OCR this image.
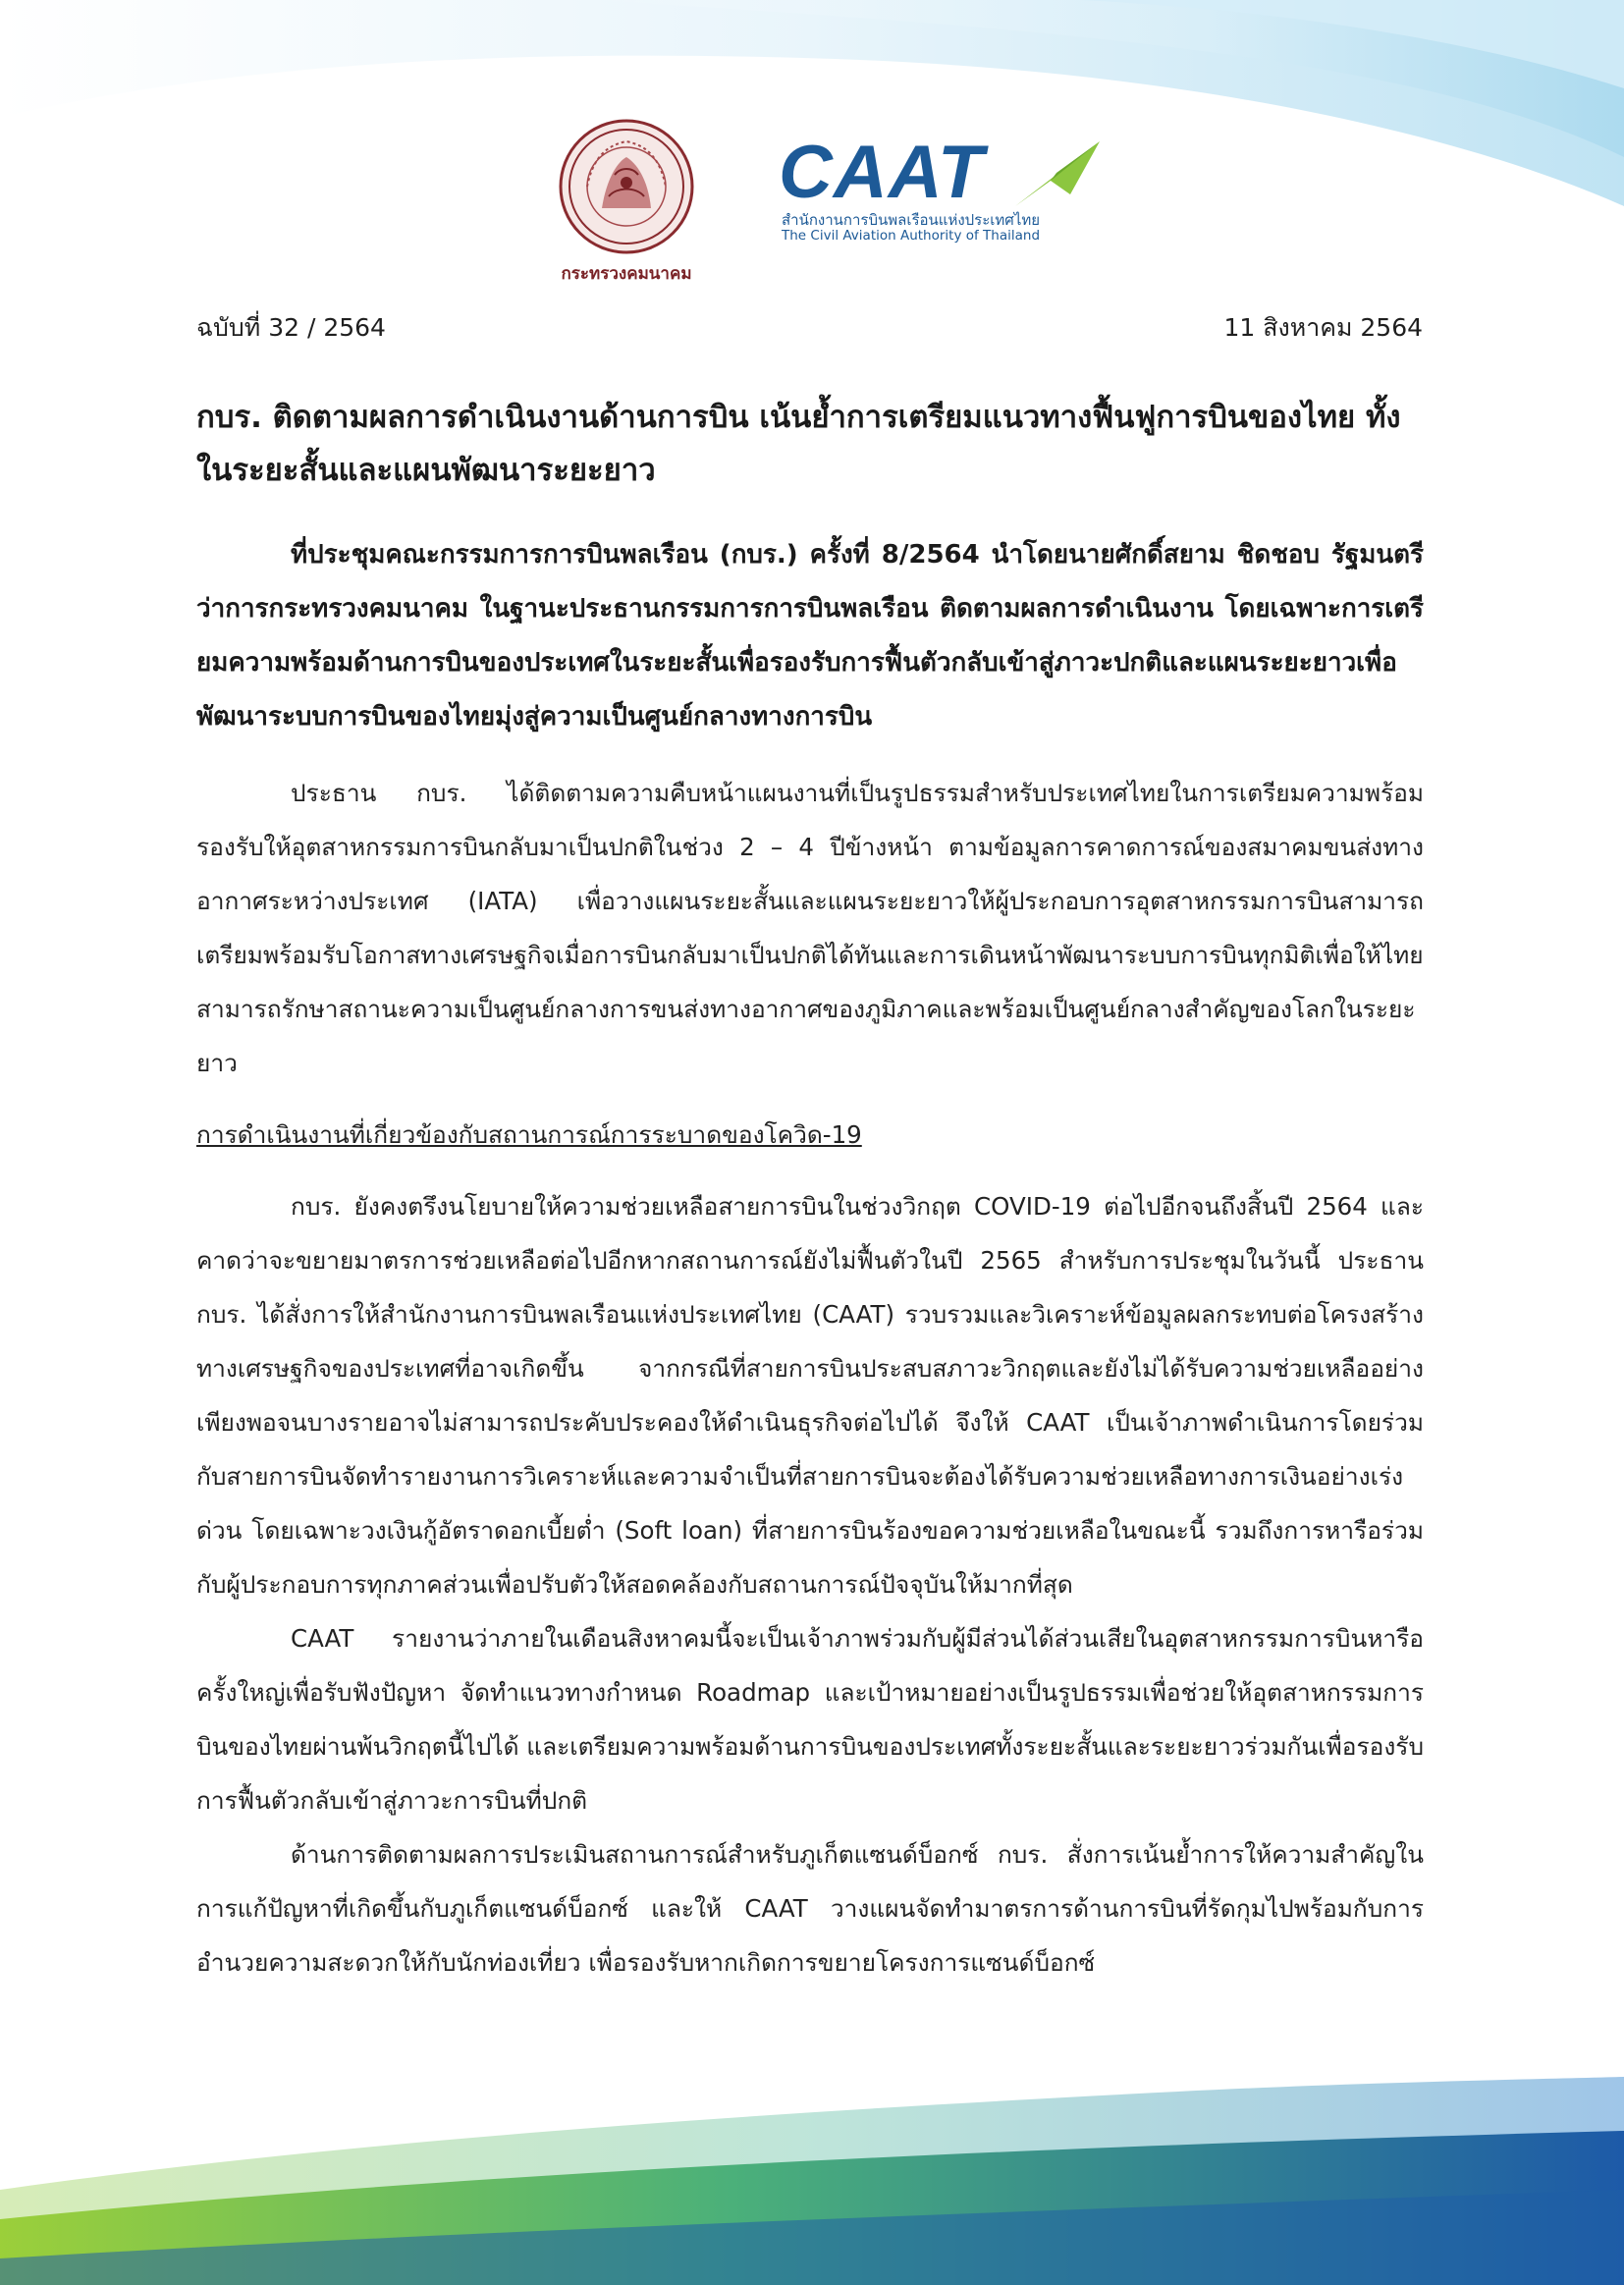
กระทรวงคมนาคม
CAAT
สำนักงานการบินพลเรือนแห่งประเทศไทย
The Civil Aviation Authority of Thailand
ฉบับที่ 32 / 2564	11 สิงหาคม 2564
กบร. ติดตามผลการดำเนินงานด้านการบิน เน้นย้ำการเตรียมแนวทางฟื้นฟูการบินของไทย ทั้งในระยะสั้นและแผนพัฒนาระยะยาว

ที่ประชุมคณะกรรมการการบินพลเรือน (กบร.) ครั้งที่ 8/2564 นำโดยนายศักดิ์สยาม ชิดชอบ รัฐมนตรีว่าการกระทรวงคมนาคม ในฐานะประธานกรรมการการบินพลเรือน ติดตามผลการดำเนินงาน โดยเฉพาะการเตรียมความพร้อมด้านการบินของประเทศในระยะสั้นเพื่อรองรับการฟื้นตัวกลับเข้าสู่ภาวะปกติและแผนระยะยาวเพื่อพัฒนาระบบการบินของไทยมุ่งสู่ความเป็นศูนย์กลางทางการบิน

ประธาน กบร. ได้ติดตามความคืบหน้าแผนงานที่เป็นรูปธรรมสำหรับประเทศไทยในการเตรียมความพร้อมรองรับให้อุตสาหกรรมการบินกลับมาเป็นปกติในช่วง 2 – 4 ปีข้างหน้า ตามข้อมูลการคาดการณ์ของสมาคมขนส่งทางอากาศระหว่างประเทศ (IATA) เพื่อวางแผนระยะสั้นและแผนระยะยาวให้ผู้ประกอบการอุตสาหกรรมการบินสามารถเตรียมพร้อมรับโอกาสทางเศรษฐกิจเมื่อการบินกลับมาเป็นปกติได้ทันและการเดินหน้าพัฒนาระบบการบินทุกมิติเพื่อให้ไทยสามารถรักษาสถานะความเป็นศูนย์กลางการขนส่งทางอากาศของภูมิภาคและพร้อมเป็นศูนย์กลางสำคัญของโลกในระยะยาว

การดำเนินงานที่เกี่ยวข้องกับสถานการณ์การระบาดของโควิด-19

กบร. ยังคงตรึงนโยบายให้ความช่วยเหลือสายการบินในช่วงวิกฤต COVID-19 ต่อไปอีกจนถึงสิ้นปี 2564 และคาดว่าจะขยายมาตรการช่วยเหลือต่อไปอีกหากสถานการณ์ยังไม่ฟื้นตัวในปี 2565 สำหรับการประชุมในวันนี้ ประธาน กบร. ได้สั่งการให้สำนักงานการบินพลเรือนแห่งประเทศไทย (CAAT) รวบรวมและวิเคราะห์ข้อมูลผลกระทบต่อโครงสร้างทางเศรษฐกิจของประเทศที่อาจเกิดขึ้น จากกรณีที่สายการบินประสบสภาวะวิกฤตและยังไม่ได้รับความช่วยเหลืออย่างเพียงพอจนบางรายอาจไม่สามารถประคับประคองให้ดำเนินธุรกิจต่อไปได้ จึงให้ CAAT เป็นเจ้าภาพดำเนินการโดยร่วมกับสายการบินจัดทำรายงานการวิเคราะห์และความจำเป็นที่สายการบินจะต้องได้รับความช่วยเหลือทางการเงินอย่างเร่งด่วน โดยเฉพาะวงเงินกู้อัตราดอกเบี้ยต่ำ (Soft loan) ที่สายการบินร้องขอความช่วยเหลือในขณะนี้ รวมถึงการหารือร่วมกับผู้ประกอบการทุกภาคส่วนเพื่อปรับตัวให้สอดคล้องกับสถานการณ์ปัจจุบันให้มากที่สุด

CAAT รายงานว่าภายในเดือนสิงหาคมนี้จะเป็นเจ้าภาพร่วมกับผู้มีส่วนได้ส่วนเสียในอุตสาหกรรมการบินหารือครั้งใหญ่เพื่อรับฟังปัญหา จัดทำแนวทางกำหนด Roadmap และเป้าหมายอย่างเป็นรูปธรรมเพื่อช่วยให้อุตสาหกรรมการบินของไทยผ่านพ้นวิกฤตนี้ไปได้ และเตรียมความพร้อมด้านการบินของประเทศทั้งระยะสั้นและระยะยาวร่วมกันเพื่อรองรับการฟื้นตัวกลับเข้าสู่ภาวะการบินที่ปกติ

ด้านการติดตามผลการประเมินสถานการณ์สำหรับภูเก็ตแซนด์บ็อกซ์ กบร. สั่งการเน้นย้ำการให้ความสำคัญในการแก้ปัญหาที่เกิดขึ้นกับภูเก็ตแซนด์บ็อกซ์ และให้ CAAT วางแผนจัดทำมาตรการด้านการบินที่รัดกุมไปพร้อมกับการอำนวยความสะดวกให้กับนักท่องเที่ยว เพื่อรองรับหากเกิดการขยายโครงการแซนด์บ็อกซ์
